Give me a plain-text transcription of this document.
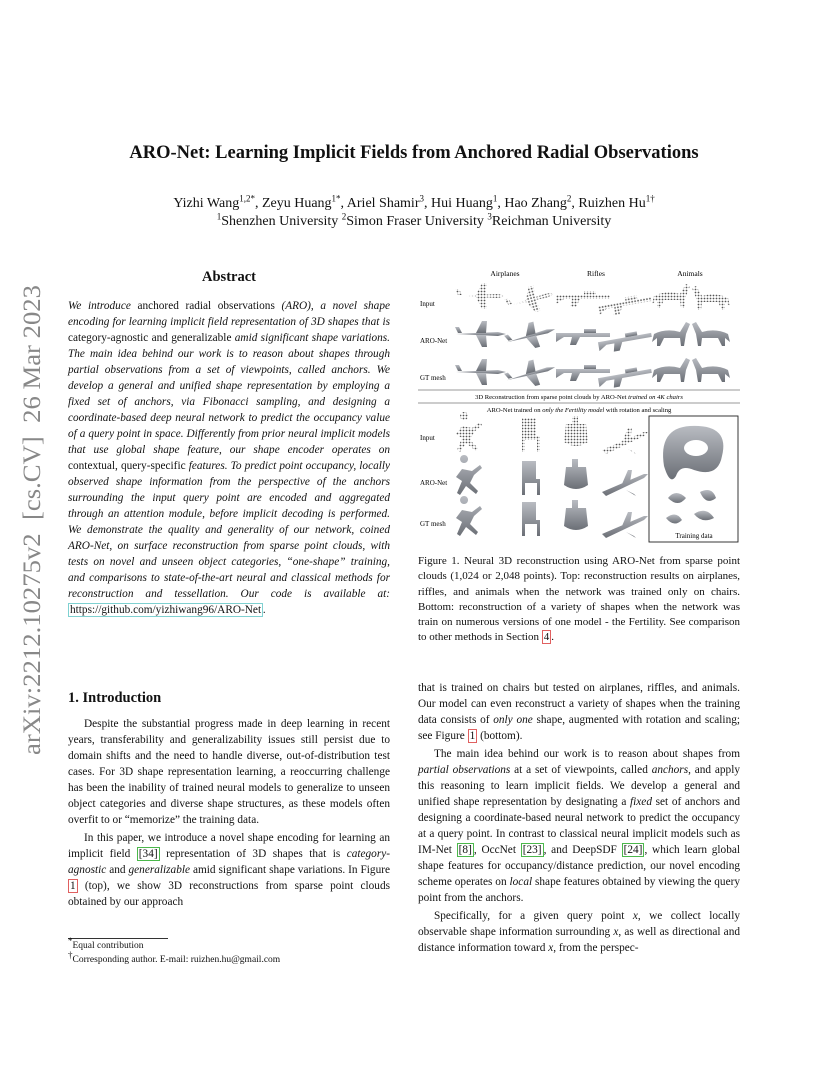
arXiv:2212.10275v2  [cs.CV]  26 Mar 2023
ARO-Net: Learning Implicit Fields from Anchored Radial Observations
Yizhi Wang$^{1,2*}$, Zeyu Huang$^{1*}$, Ariel Shamir$^3$, Hui Huang$^1$, Hao Zhang$^2$, Ruizhen $Hu^{1\dagger}$
$^1$Shenzhen University $^2$Simon Fraser University $^3$Reichman University
Abstract
We introduce anchored radial observations (ARO), a novel shape encoding for learning implicit field representation of 3D shapes that is category-agnostic and generalizable amid significant shape variations. The main idea behind our work is to reason about shapes through partial observations from a set of viewpoints, called anchors. We develop a general and unified shape representation by employing a fixed set of anchors, via Fibonacci sampling, and designing a coordinate-based deep neural network to predict the occupancy value of a query point in space. Differently from prior neural implicit models that use global shape feature, our shape encoder operates on contextual, query-specific features. To predict point occupancy, locally observed shape information from the perspective of the anchors surrounding the input query point are encoded and aggregated through an attention module, before implicit decoding is performed. We demonstrate the quality and generality of our network, coined ARO-Net, on surface reconstruction from sparse point clouds, with tests on novel and unseen object categories, “one-shape” training, and comparisons to state-of-the-art neural and classical methods for reconstruction and tessellation. Our code is available at: https://github.com/yizhiwang96/ARO-Net .
1. Introduction

Despite the substantial progress made in deep learning in recent years, transferability and generalizability issues still persist due to domain shifts and the need to handle diverse, out-of-distribution test cases. For 3D shape representation learning, a reoccurring challenge has been the inability of trained neural models to generalize to unseen object categories and diverse shape structures, as these models often overfit to or “memorize” the training data.

In this paper, we introduce a novel shape encoding for learning an implicit field [34] representation of 3D shapes that is category-agnostic and generalizable amid significant shape variations. In Figure 1 (top), we show 3D reconstructions from sparse point clouds obtained by our approach

*Equal contribution
†Corresponding author. E-mail: ruizhen.hu@gmail.com
Airplanes	Rifles	Animals
Input
ARO-Net
GT mesh
3D Reconstruction from sparse point clouds by ARO-Net trained on 4K chairs
ARO-Net trained on only the Fertility model with rotation and scaling
Input
ARO-Net
GT mesh
Training data
Figure 1. Neural 3D reconstruction using ARO-Net from sparse point clouds (1,024 or 2,048 points). Top: reconstruction results on airplanes, riffles, and animals when the network was trained only on chairs. Bottom: reconstruction of a variety of shapes when the network was train on numerous versions of one model - the Fertility. See comparison to other methods in Section 4 .

that is trained on chairs but tested on airplanes, riffles, and animals. Our model can even reconstruct a variety of shapes when the training data consists of only one shape, augmented with rotation and scaling; see Figure 1 (bottom).

The main idea behind our work is to reason about shapes from partial observations at a set of viewpoints, called anchors, and apply this reasoning to learn implicit fields. We develop a general and unified shape representation by designating a fixed set of anchors and designing a coordinate-based neural network to predict the occupancy at a query point. In contrast to classical neural implicit models such as IM-Net [8] , OccNet [23] , and DeepSDF [24] , which learn global shape features for occupancy/distance prediction, our novel encoding scheme operates on local shape features obtained by viewing the query point from the anchors.

Specifically, for a given query point x, we collect locally observable shape information surrounding x, as well as directional and distance information toward x, from the perspec-
